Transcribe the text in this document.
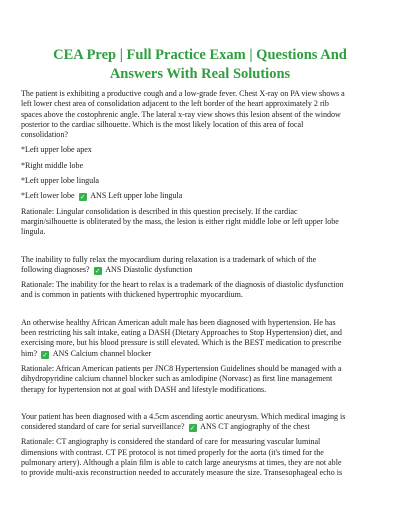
CEA Prep | Full Practice Exam | Questions And
Answers With Real Solutions

The patient is exhibiting a productive cough and a low-grade fever. Chest X-ray on PA view shows a
left lower chest area of consolidation adjacent to the left border of the heart approximately 2 rib
spaces above the costophrenic angle. The lateral x-ray view shows this lesion absent of the window
posterior to the cardiac silhouette. Which is the most likely location of this area of focal
consolidation?

*Left upper lobe apex

*Right middle lobe

*Left upper lobe lingula

*Left lower lobe ✓ ANS Left upper lobe lingula

Rationale: Lingular consolidation is described in this question precisely. If the cardiac
margin/silhouette is obliterated by the mass, the lesion is either right middle lobe or left upper lobe
lingula.

The inability to fully relax the myocardium during relaxation is a trademark of which of the
following diagnoses? ✓ ANS Diastolic dysfunction

Rationale: The inability for the heart to relax is a trademark of the diagnosis of diastolic dysfunction
and is common in patients with thickened hypertrophic myocardium.

An otherwise healthy African American adult male has been diagnosed with hypertension. He has
been restricting his salt intake, eating a DASH (Dietary Approaches to Stop Hypertension) diet, and
exercising more, but his blood pressure is still elevated. Which is the BEST medication to prescribe
him? ✓ ANS Calcium channel blocker

Rationale: African American patients per JNC8 Hypertension Guidelines should be managed with a
dihydropyridine calcium channel blocker such as amlodipine (Norvasc) as first line management
therapy for hypertension not at goal with DASH and lifestyle modifications.

Your patient has been diagnosed with a 4.5cm ascending aortic aneurysm. Which medical imaging is
considered standard of care for serial surveillance? ✓ ANS CT angiography of the chest

Rationale: CT angiography is considered the standard of care for measuring vascular luminal
dimensions with contrast. CT PE protocol is not timed properly for the aorta (it's timed for the
pulmonary artery). Although a plain film is able to catch large aneurysms at times, they are not able
to provide multi-axis reconstruction needed to accurately measure the size. Transesophageal echo is
